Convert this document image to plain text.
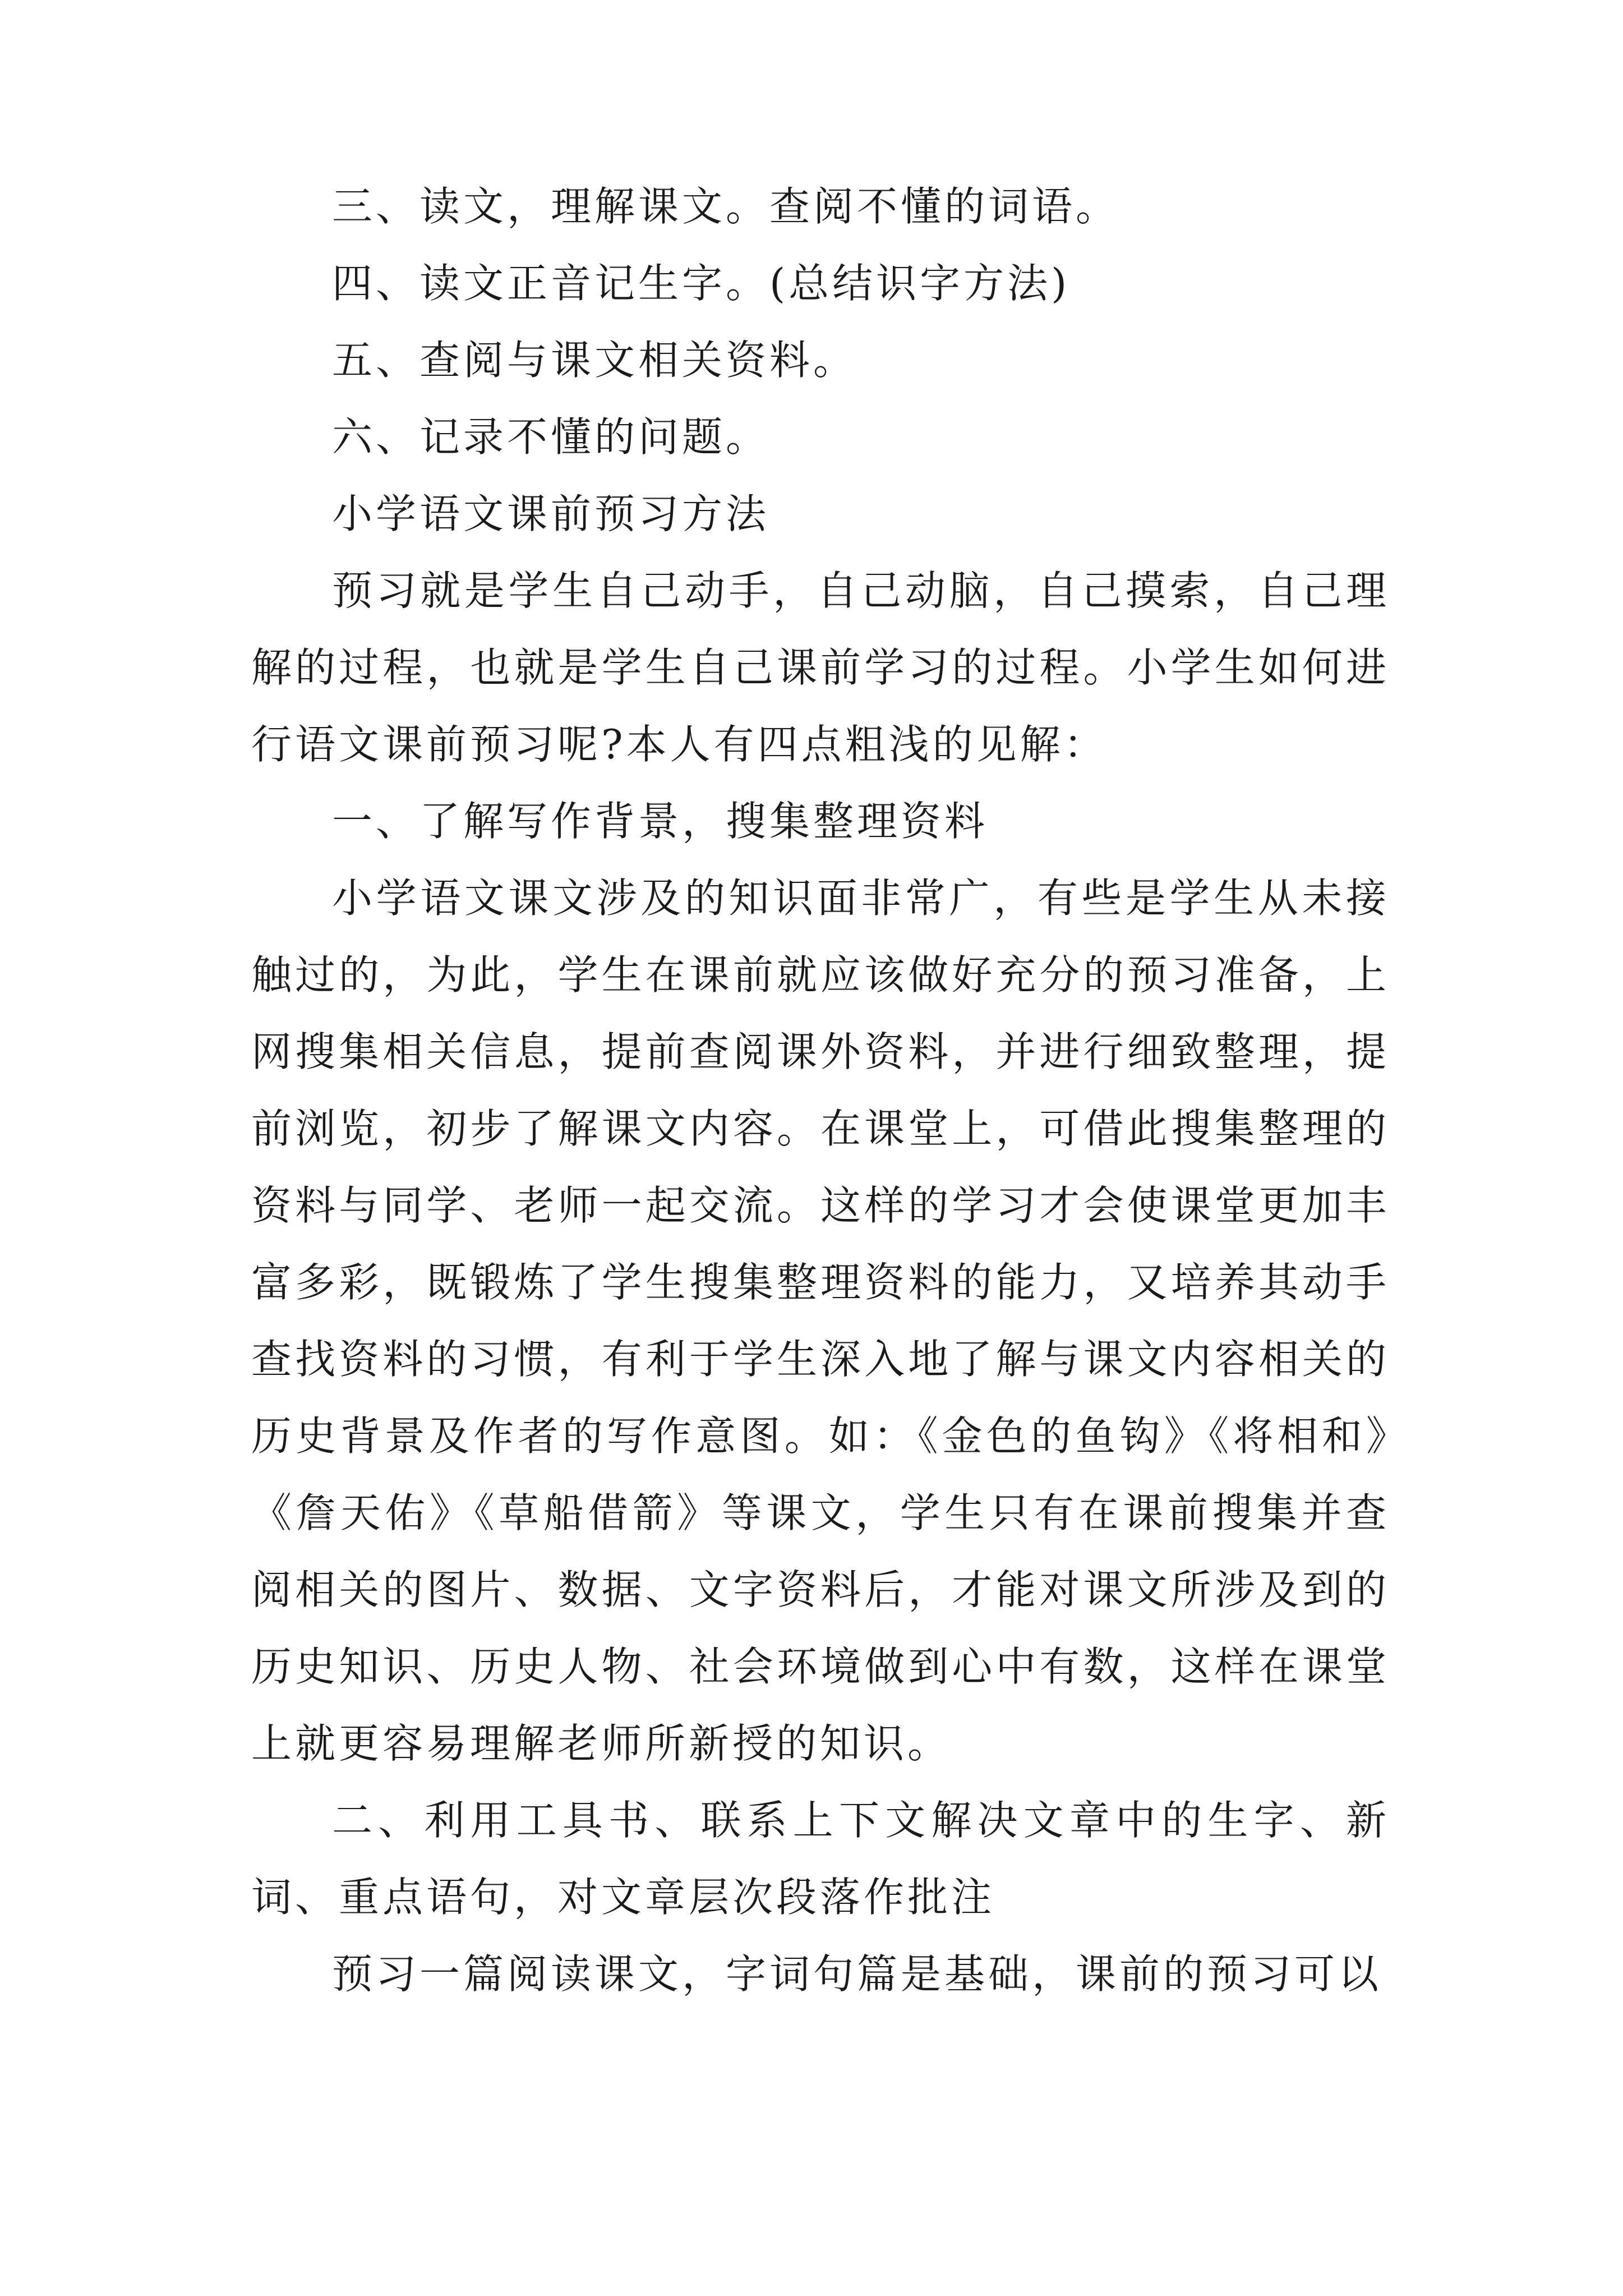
三、读文，理解课文。查阅不懂的词语。

四、读文正音记生字。(总结识字方法)

五、查阅与课文相关资料。

六、记录不懂的问题。

小学语文课前预习方法

预习就是学生自己动手，自己动脑，自己摸索，自己理解的过程，也就是学生自己课前学习的过程。小学生如何进行语文课前预习呢?本人有四点粗浅的见解：

一、了解写作背景，搜集整理资料

小学语文课文涉及的知识面非常广，有些是学生从未接触过的，为此，学生在课前就应该做好充分的预习准备，上网搜集相关信息，提前查阅课外资料，并进行细致整理，提前浏览，初步了解课文内容。在课堂上，可借此搜集整理的资料与同学、老师一起交流。这样的学习才会使课堂更加丰富多彩，既锻炼了学生搜集整理资料的能力，又培养其动手查找资料的习惯，有利于学生深入地了解与课文内容相关的历史背景及作者的写作意图。如：《金色的鱼钩》《将相和》《詹天佑》《草船借箭》等课文，学生只有在课前搜集并查阅相关的图片、数据、文字资料后，才能对课文所涉及到的历史知识、历史人物、社会环境做到心中有数，这样在课堂上就更容易理解老师所新授的知识。

二、利用工具书、联系上下文解决文章中的生字、新词、重点语句，对文章层次段落作批注

预习一篇阅读课文，字词句篇是基础，课前的预习可以
